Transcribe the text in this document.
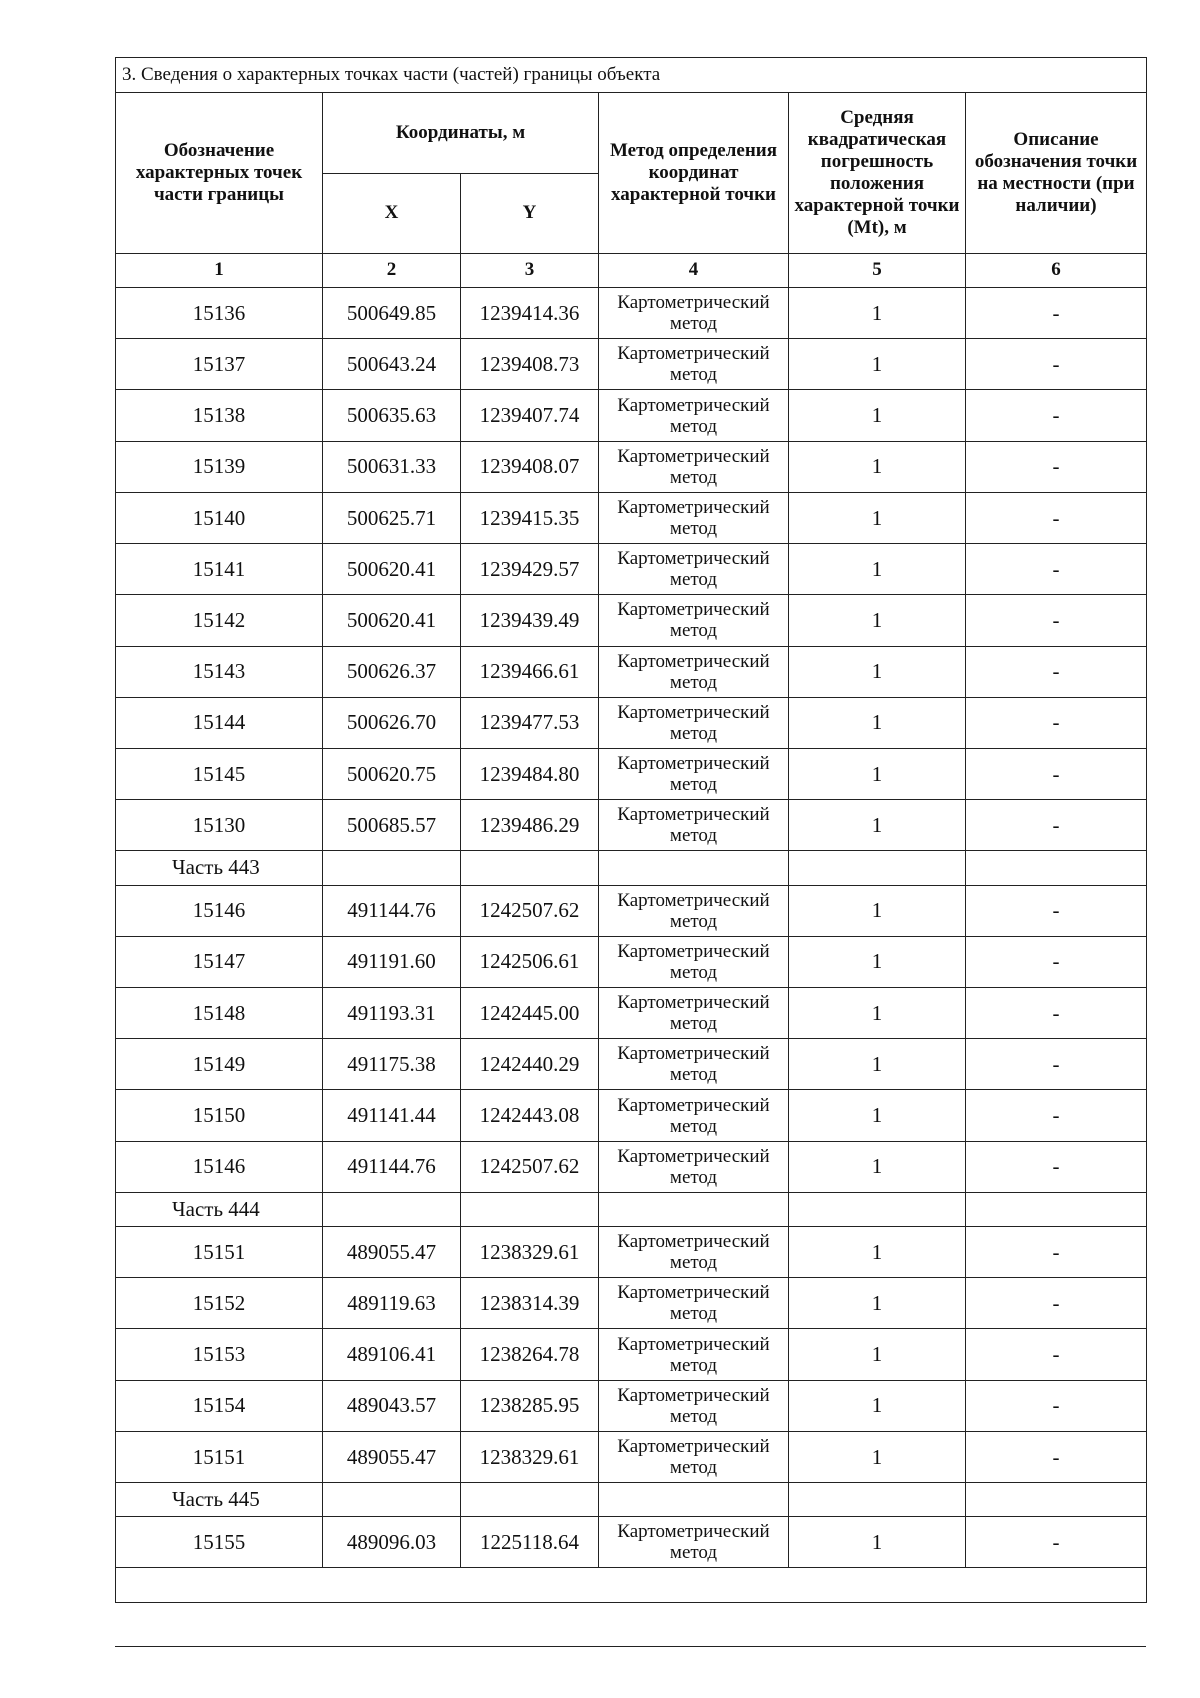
3. Сведения о характерных точках части (частей) границы объекта					
Обозначение характерных точек части границы	Координаты, м		Метод определения координат характерной точки	Средняя квадратическая погрешность положения характерной точки (Mt), м	Описание обозначения точки на местности (при наличии)
	X	Y			
1	2	3	4	5	6
15136	500649.85	1239414.36	Картометрический метод	1	-
15137	500643.24	1239408.73	Картометрический метод	1	-
15138	500635.63	1239407.74	Картометрический метод	1	-
15139	500631.33	1239408.07	Картометрический метод	1	-
15140	500625.71	1239415.35	Картометрический метод	1	-
15141	500620.41	1239429.57	Картометрический метод	1	-
15142	500620.41	1239439.49	Картометрический метод	1	-
15143	500626.37	1239466.61	Картометрический метод	1	-
15144	500626.70	1239477.53	Картометрический метод	1	-
15145	500620.75	1239484.80	Картометрический метод	1	-
15130	500685.57	1239486.29	Картометрический метод	1	-
Часть 443					
15146	491144.76	1242507.62	Картометрический метод	1	-
15147	491191.60	1242506.61	Картометрический метод	1	-
15148	491193.31	1242445.00	Картометрический метод	1	-
15149	491175.38	1242440.29	Картометрический метод	1	-
15150	491141.44	1242443.08	Картометрический метод	1	-
15146	491144.76	1242507.62	Картометрический метод	1	-
Часть 444					
15151	489055.47	1238329.61	Картометрический метод	1	-
15152	489119.63	1238314.39	Картометрический метод	1	-
15153	489106.41	1238264.78	Картометрический метод	1	-
15154	489043.57	1238285.95	Картометрический метод	1	-
15151	489055.47	1238329.61	Картометрический метод	1	-
Часть 445					
15155	489096.03	1225118.64	Картометрический метод	1	-
